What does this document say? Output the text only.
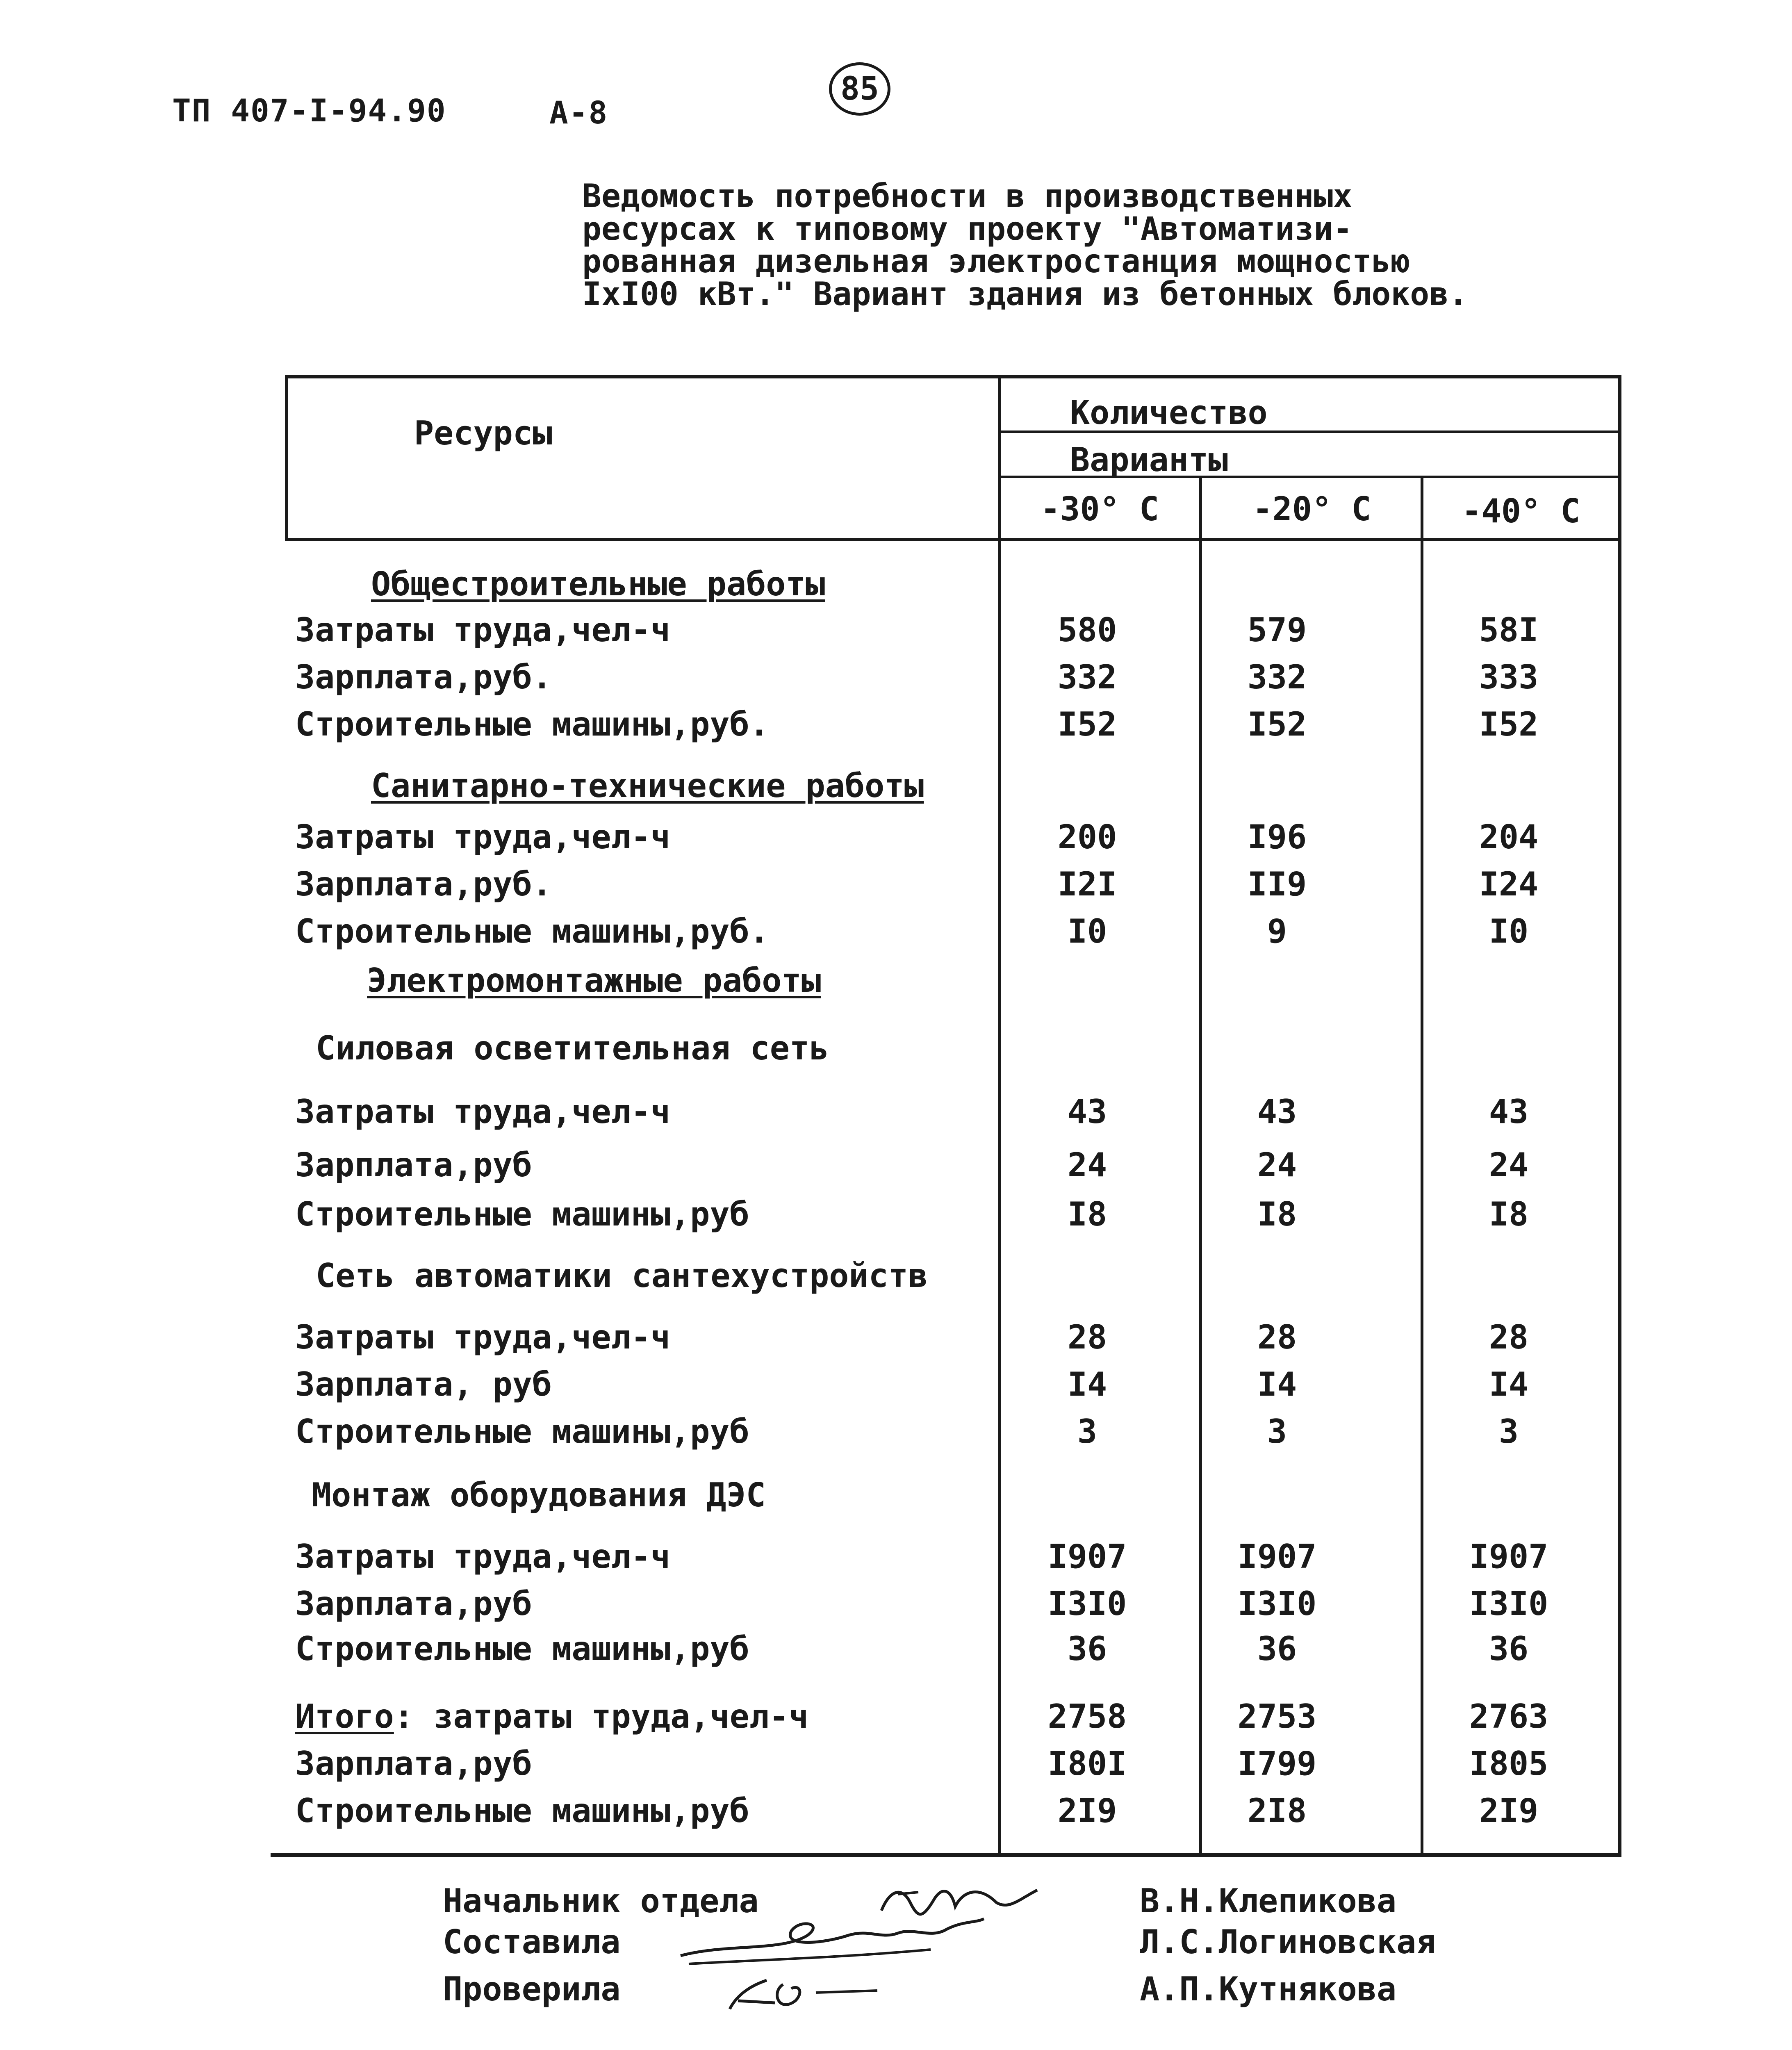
ТП 407-I-94.90	А-8
85
Ведомость потребности в производственных
ресурсах к типовому проекту "Автоматизи-
рованная дизельная электростанция мощностью
IxI00 кВт." Вариант здания из бетонных блоков.
Ресурсы
Количество
Варианты
-30° C	-20° C	-40° C
Общестроительные работы
Затраты труда,чел-ч	580	579	58I
Зарплата,руб.	332	332	333
Строительные машины,руб.	I52	I52	I52
Санитарно-технические работы
Затраты труда,чел-ч	200	I96	204
Зарплата,руб.	I2I	II9	I24
Строительные машины,руб.	I0	9	I0
Электромонтажные работы
Силовая осветительная сеть
Затраты труда,чел-ч	43	43	43
Зарплата,руб	24	24	24
Строительные машины,руб	I8	I8	I8
Сеть автоматики сантехустройств
Затраты труда,чел-ч	28	28	28
Зарплата, руб	I4	I4	I4
Строительные машины,руб	3	3	3
Монтаж оборудования ДЭС
Затраты труда,чел-ч	I907	I907	I907
Зарплата,руб	I3I0	I3I0	I3I0
Строительные машины,руб	36	36	36
Итого: затраты труда,чел-ч	2758	2753	2763
Зарплата,руб	I80I	I799	I805
Строительные машины,руб	2I9	2I8	2I9
Начальник отдела	В.Н.Клепикова
Составила	Л.С.Логиновская
Проверила	А.П.Кутнякова
